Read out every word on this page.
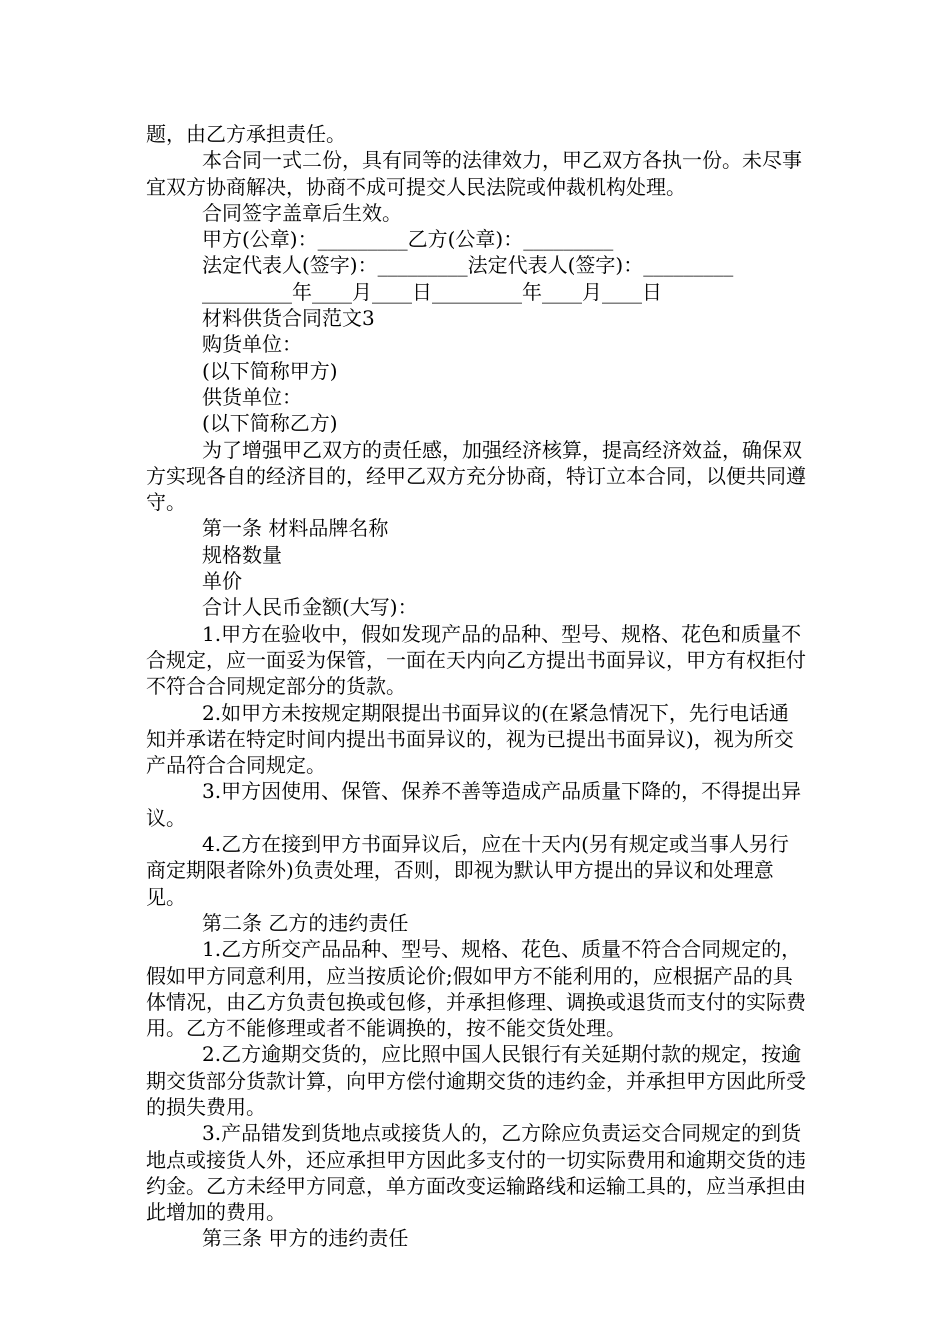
题，由乙方承担责任。

本合同一式二份，具有同等的法律效力，甲乙双方各执一份。未尽事宜双方协商解决，协商不成可提交人民法院或仲裁机构处理。

合同签字盖章后生效。

甲方(公章)：_________乙方(公章)：_________

法定代表人(签字)：_________法定代表人(签字)：_________

_________年____月____日_________年____月____日

材料供货合同范文3

购货单位：

(以下简称甲方)

供货单位：

(以下简称乙方)

为了增强甲乙双方的责任感，加强经济核算，提高经济效益，确保双方实现各自的经济目的，经甲乙双方充分协商，特订立本合同，以便共同遵守。

第一条 材料品牌名称

规格数量

单价

合计人民币金额(大写)：

1.甲方在验收中，假如发现产品的品种、型号、规格、花色和质量不合规定，应一面妥为保管，一面在天内向乙方提出书面异议，甲方有权拒付不符合合同规定部分的货款。

2.如甲方未按规定期限提出书面异议的(在紧急情况下，先行电话通知并承诺在特定时间内提出书面异议的，视为已提出书面异议)，视为所交产品符合合同规定。

3.甲方因使用、保管、保养不善等造成产品质量下降的，不得提出异议。

4.乙方在接到甲方书面异议后，应在十天内(另有规定或当事人另行商定期限者除外)负责处理，否则，即视为默认甲方提出的异议和处理意见。

第二条 乙方的违约责任

1.乙方所交产品品种、型号、规格、花色、质量不符合合同规定的，假如甲方同意利用，应当按质论价;假如甲方不能利用的，应根据产品的具体情况，由乙方负责包换或包修，并承担修理、调换或退货而支付的实际费用。乙方不能修理或者不能调换的，按不能交货处理。

2.乙方逾期交货的，应比照中国人民银行有关延期付款的规定，按逾期交货部分货款计算，向甲方偿付逾期交货的违约金，并承担甲方因此所受的损失费用。

3.产品错发到货地点或接货人的，乙方除应负责运交合同规定的到货地点或接货人外，还应承担甲方因此多支付的一切实际费用和逾期交货的违约金。乙方未经甲方同意，单方面改变运输路线和运输工具的，应当承担由此增加的费用。

第三条 甲方的违约责任
